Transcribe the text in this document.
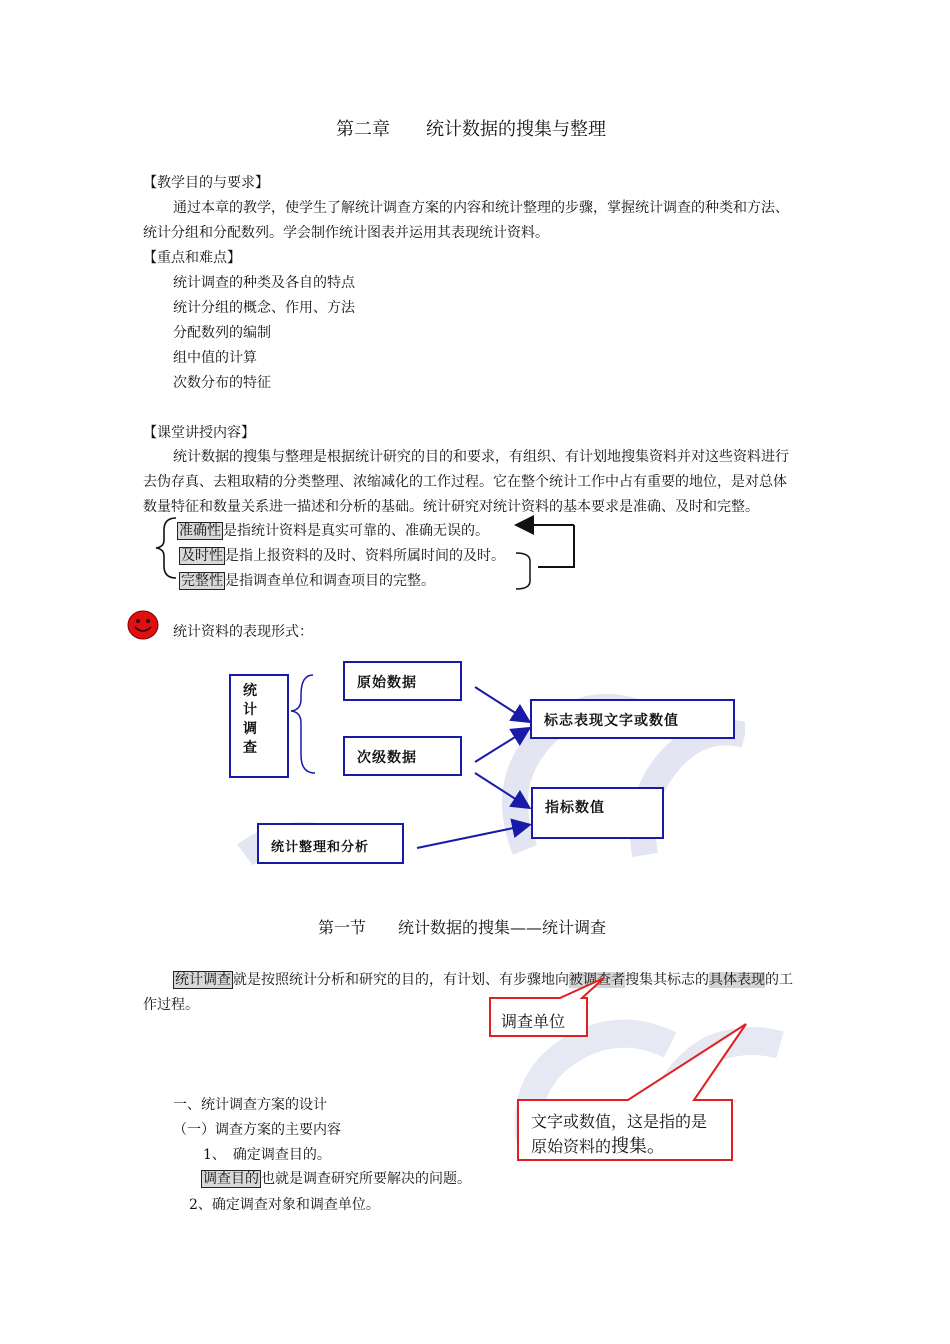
第二章　　统计数据的搜集与整理
【教学目的与要求】
通过本章的教学，使学生了解统计调查方案的内容和统计整理的步骤，掌握统计调查的种类和方法、
统计分组和分配数列。学会制作统计图表并运用其表现统计资料。
【重点和难点】
统计调查的种类及各自的特点
统计分组的概念、作用、方法
分配数列的编制
组中值的计算
次数分布的特征
【课堂讲授内容】
统计数据的搜集与整理是根据统计研究的目的和要求，有组织、有计划地搜集资料并对这些资料进行
去伪存真、去粗取精的分类整理、浓缩减化的工作过程。它在整个统计工作中占有重要的地位，是对总体
数量特征和数量关系进一描述和分析的基础。统计研究对统计资料的基本要求是准确、及时和完整。
准确性 是指统计资料是真实可靠的、准确无误的。
及时性 是指上报资料的及时、资料所属时间的及时。
完整性 是指调查单位和调查项目的完整。
统计资料的表现形式：
统
计
调
查
原始数据
次级数据
标志表现文字或数值
指标数值
统计整理和分析
第一节　　统计数据的搜集——统计调查
统计调查 就是按照统计分析和研究的目的，有计划、有步骤地向被调查者搜集其标志的具体表现的工
作过程。
调查单位
文字或数值，这是指的是
原始资料的搜集。
一、统计调查方案的设计
（一）调查方案的主要内容
1、　确定调查目的。
调查目的 也就是调查研究所要解决的问题。
2、确定调查对象和调查单位。
